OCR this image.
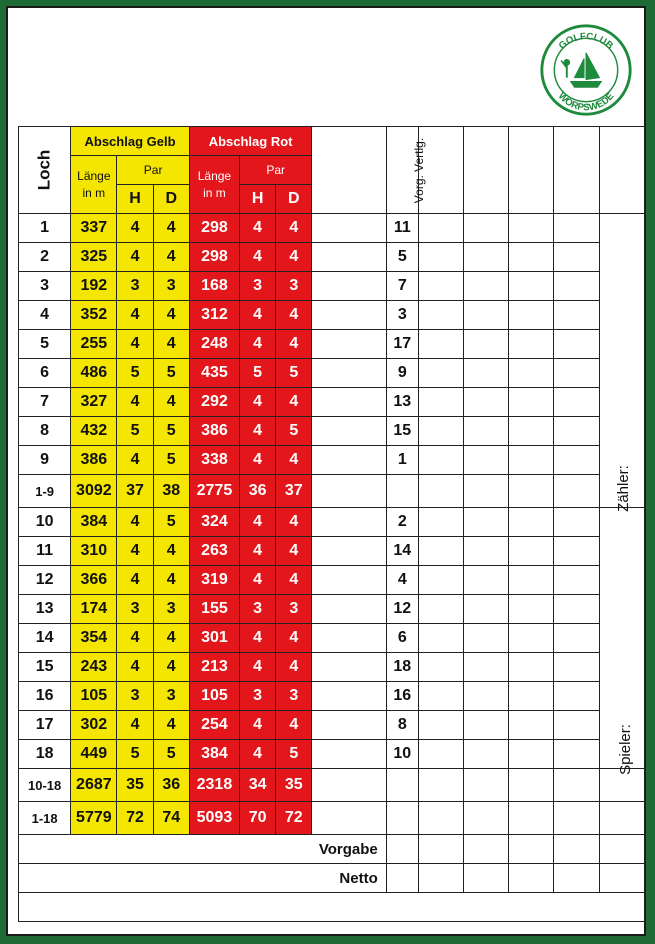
GOLFCLUB
WORPSWEDE
Loch	Abschlag Gelb			Abschlag Rot				Vorg. Vertlg.					
	Länge
in m	Par		Länge
in m	Par								
		H	D		H	D							
1	337	4	4	298	4	4		11					Zähler:
2	325	4	4	298	4	4		5					
3	192	3	3	168	3	3		7					
4	352	4	4	312	4	4		3					
5	255	4	4	248	4	4		17					
6	486	5	5	435	5	5		9					
7	327	4	4	292	4	4		13					
8	432	5	5	386	4	5		15					
9	386	4	5	338	4	4		1					
1-9	3092	37	38	2775	36	37							
10	384	4	5	324	4	4		2					Spieler:
11	310	4	4	263	4	4		14					
12	366	4	4	319	4	4		4					
13	174	3	3	155	3	3		12					
14	354	4	4	301	4	4		6					
15	243	4	4	213	4	4		18					
16	105	3	3	105	3	3		16					
17	302	4	4	254	4	4		8					
18	449	5	5	384	4	5		10					
10-18	2687	35	36	2318	34	35							
1-18	5779	72	74	5093	70	72							
Vorgabe													
Netto													
